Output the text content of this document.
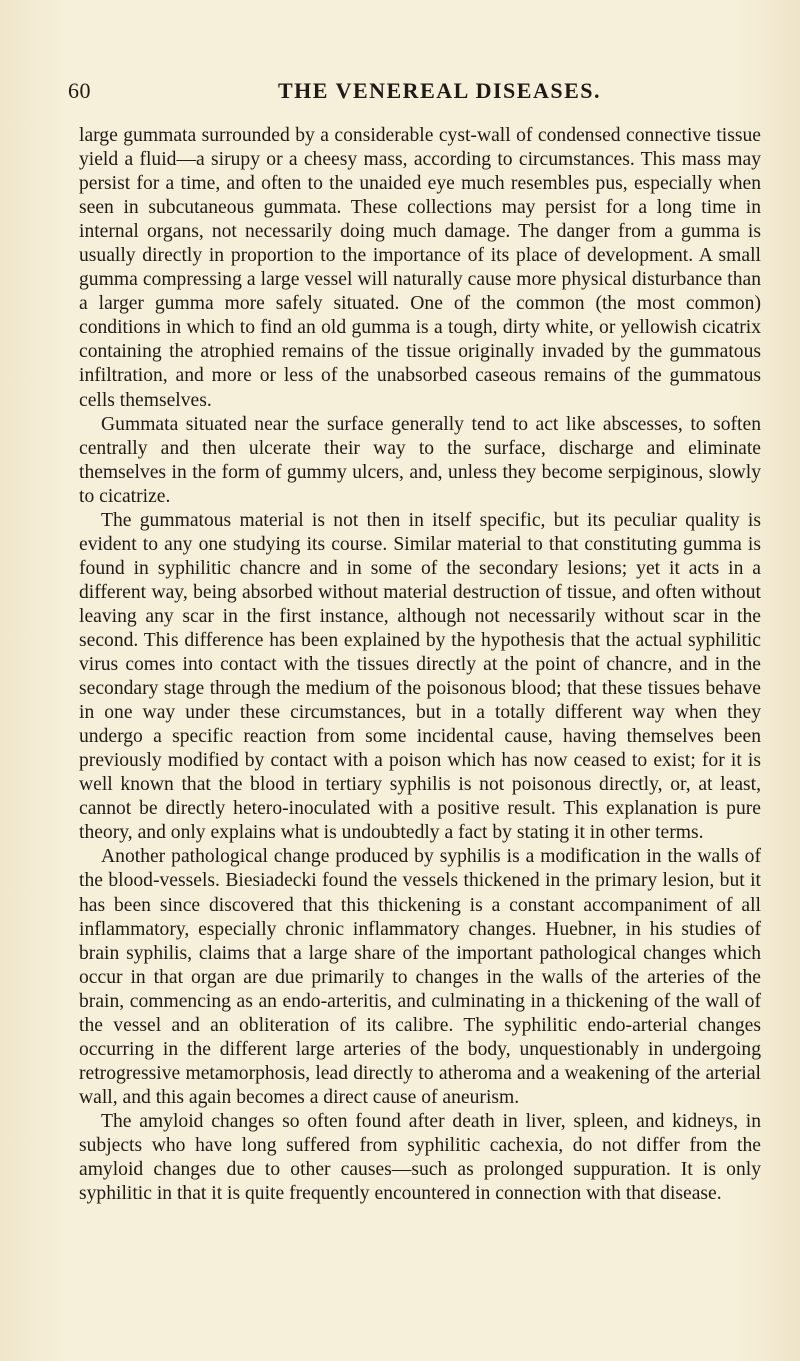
60	THE VENEREAL DISEASES.

large gummata surrounded by a considerable cyst-wall of condensed connective tissue yield a fluid—a sirupy or a cheesy mass, according to circumstances. This mass may persist for a time, and often to the unaided eye much resembles pus, especially when seen in subcutaneous gummata. These collections may persist for a long time in internal organs, not necessarily doing much damage. The danger from a gumma is usually directly in proportion to the importance of its place of development. A small gumma compressing a large vessel will naturally cause more physical disturbance than a larger gumma more safely situated. One of the common (the most common) conditions in which to find an old gumma is a tough, dirty white, or yellowish cicatrix containing the atrophied remains of the tissue originally invaded by the gummatous infiltration, and more or less of the unabsorbed caseous remains of the gummatous cells themselves.

Gummata situated near the surface generally tend to act like abscesses, to soften centrally and then ulcerate their way to the surface, discharge and eliminate themselves in the form of gummy ulcers, and, unless they become serpiginous, slowly to cicatrize.

The gummatous material is not then in itself specific, but its peculiar quality is evident to any one studying its course. Similar material to that constituting gumma is found in syphilitic chancre and in some of the secondary lesions; yet it acts in a different way, being absorbed without material destruction of tissue, and often without leaving any scar in the first instance, although not necessarily without scar in the second. This difference has been explained by the hypothesis that the actual syphilitic virus comes into contact with the tissues directly at the point of chancre, and in the secondary stage through the medium of the poisonous blood; that these tissues behave in one way under these circumstances, but in a totally different way when they undergo a specific reaction from some incidental cause, having themselves been previously modified by contact with a poison which has now ceased to exist; for it is well known that the blood in tertiary syphilis is not poisonous directly, or, at least, cannot be directly hetero-inoculated with a positive result. This explanation is pure theory, and only explains what is undoubtedly a fact by stating it in other terms.

Another pathological change produced by syphilis is a modification in the walls of the blood-vessels. Biesiadecki found the vessels thickened in the primary lesion, but it has been since discovered that this thickening is a constant accompaniment of all inflammatory, especially chronic inflammatory changes. Huebner, in his studies of brain syphilis, claims that a large share of the important pathological changes which occur in that organ are due primarily to changes in the walls of the arteries of the brain, commencing as an endo-arteritis, and culminating in a thickening of the wall of the vessel and an obliteration of its calibre. The syphilitic endo-arterial changes occurring in the different large arteries of the body, unquestionably in undergoing retrogressive metamorphosis, lead directly to atheroma and a weakening of the arterial wall, and this again becomes a direct cause of aneurism.

The amyloid changes so often found after death in liver, spleen, and kidneys, in subjects who have long suffered from syphilitic cachexia, do not differ from the amyloid changes due to other causes—such as prolonged suppuration. It is only syphilitic in that it is quite frequently encountered in connection with that disease.
